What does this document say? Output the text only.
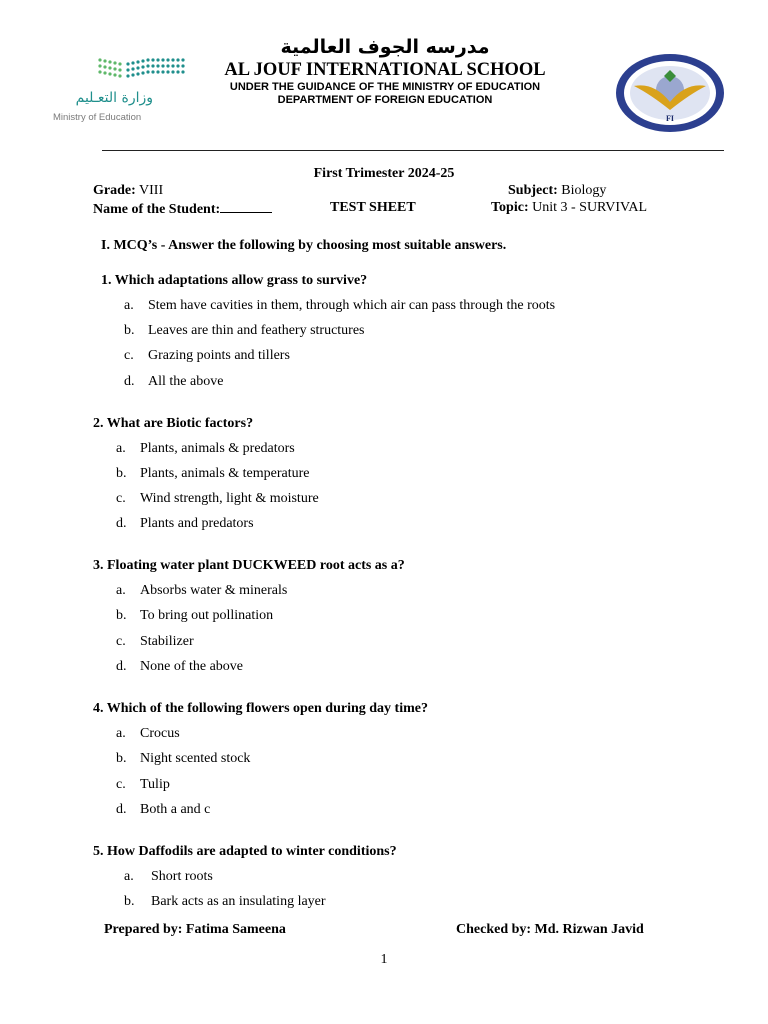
وزارة التعـليم
Ministry of Education
مدرسه الجوف العالمية
AL JOUF INTERNATIONAL SCHOOL
UNDER THE GUIDANCE OF THE MINISTRY OF EDUCATION
DEPARTMENT OF FOREIGN EDUCATION
FI
First Trimester 2024-25
Grade: VIII	Subject: Biology
Name of the Student:	TEST SHEET	Topic: Unit 3 - SURVIVAL
I. MCQ’s - Answer the following by choosing most suitable answers.
1. Which adaptations allow grass to survive?
a. Stem have cavities in them, through which air can pass through the roots
b. Leaves are thin and feathery structures
c. Grazing points and tillers
d. All the above
2. What are Biotic factors?
a. Plants, animals & predators
b. Plants, animals & temperature
c. Wind strength, light & moisture
d. Plants and predators
3. Floating water plant DUCKWEED root acts as a?
a. Absorbs water & minerals
b. To bring out pollination
c. Stabilizer
d. None of the above
4. Which of the following flowers open during day time?
a. Crocus
b. Night scented stock
c. Tulip
d. Both a and c
5. How Daffodils are adapted to winter conditions?
a. Short roots
b. Bark acts as an insulating layer
Prepared by: Fatima Sameena	Checked by: Md. Rizwan Javid
1
